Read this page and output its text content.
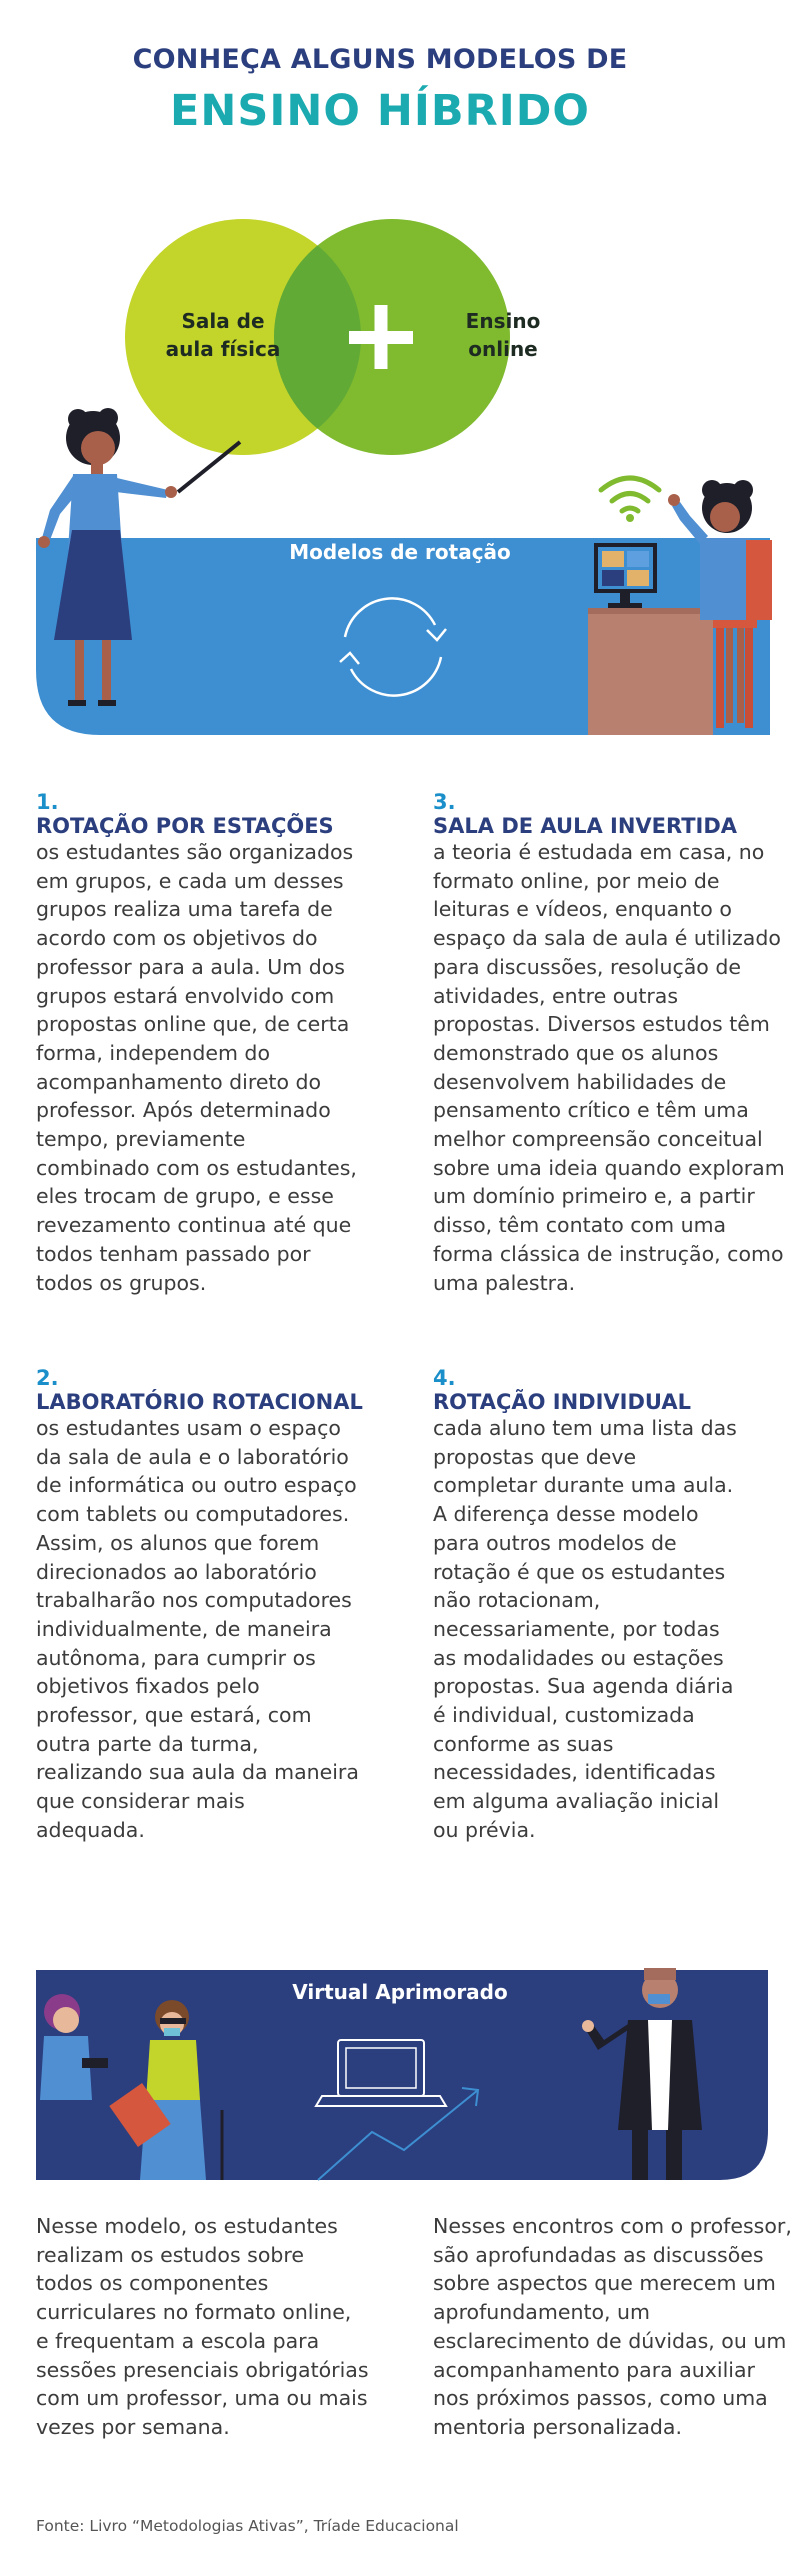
CONHEÇA ALGUNS MODELOS DE
ENSINO HÍBRIDO
Sala de
aula física
Ensino
online
Modelos de rotação
1.
ROTAÇÃO POR ESTAÇÕES
os estudantes são organizados
em grupos, e cada um desses
grupos realiza uma tarefa de
acordo com os objetivos do
professor para a aula. Um dos
grupos estará envolvido com
propostas online que, de certa
forma, independem do
acompanhamento direto do
professor. Após determinado
tempo, previamente
combinado com os estudantes,
eles trocam de grupo, e esse
revezamento continua até que
todos tenham passado por
todos os grupos.
3.
SALA DE AULA INVERTIDA
a teoria é estudada em casa, no
formato online, por meio de
leituras e vídeos, enquanto o
espaço da sala de aula é utilizado
para discussões, resolução de
atividades, entre outras
propostas. Diversos estudos têm
demonstrado que os alunos
desenvolvem habilidades de
pensamento crítico e têm uma
melhor compreensão conceitual
sobre uma ideia quando exploram
um domínio primeiro e, a partir
disso, têm contato com uma
forma clássica de instrução, como
uma palestra.
2.
LABORATÓRIO ROTACIONAL
os estudantes usam o espaço
da sala de aula e o laboratório
de informática ou outro espaço
com tablets ou computadores.
Assim, os alunos que forem
direcionados ao laboratório
trabalharão nos computadores
individualmente, de maneira
autônoma, para cumprir os
objetivos fixados pelo
professor, que estará, com
outra parte da turma,
realizando sua aula da maneira
que considerar mais
adequada.
4.
ROTAÇÃO INDIVIDUAL
cada aluno tem uma lista das
propostas que deve
completar durante uma aula.
A diferença desse modelo
para outros modelos de
rotação é que os estudantes
não rotacionam,
necessariamente, por todas
as modalidades ou estações
propostas. Sua agenda diária
é individual, customizada
conforme as suas
necessidades, identificadas
em alguma avaliação inicial
ou prévia.
Virtual Aprimorado
Nesse modelo, os estudantes
realizam os estudos sobre
todos os componentes
curriculares no formato online,
e frequentam a escola para
sessões presenciais obrigatórias
com um professor, uma ou mais
vezes por semana.
Nesses encontros com o professor,
são aprofundadas as discussões
sobre aspectos que merecem um
aprofundamento, um
esclarecimento de dúvidas, ou um
acompanhamento para auxiliar
nos próximos passos, como uma
mentoria personalizada.
Fonte: Livro “Metodologias Ativas”, Tríade Educacional
